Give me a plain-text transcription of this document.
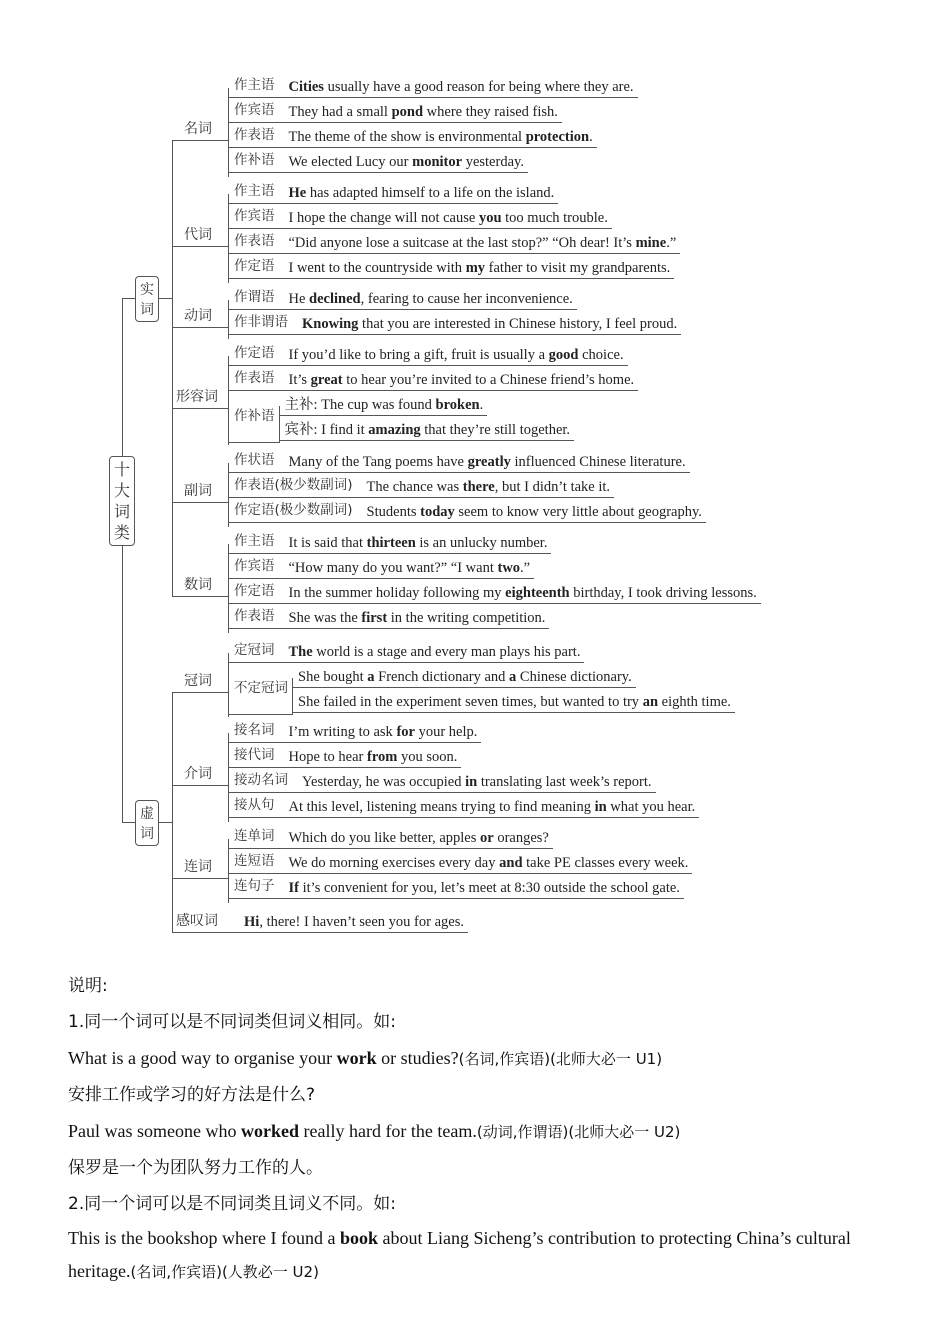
名词
作主语 Cities usually have a good reason for being where they are.
作宾语 They had a small pond where they raised fish.
作表语 The theme of the show is environmental protection.
作补语 We elected Lucy our monitor yesterday.
代词
作主语 He has adapted himself to a life on the island.
作宾语 I hope the change will not cause you too much trouble.
作表语 “Did anyone lose a suitcase at the last stop?” “Oh dear! It’s mine.”
作定语 I went to the countryside with my father to visit my grandparents.
动词
作谓语 He declined, fearing to cause her inconvenience.
作非谓语 Knowing that you are interested in Chinese history, I feel proud.
形容词
作定语 If you’d like to bring a gift, fruit is usually a good choice.
作表语 It’s great to hear you’re invited to a Chinese friend’s home.
作补语
主补: The cup was found broken.
宾补: I find it amazing that they’re still together.
副词
作状语 Many of the Tang poems have greatly influenced Chinese literature.
作表语(极少数副词) The chance was there, but I didn’t take it.
作定语(极少数副词) Students today seem to know very little about geography.
数词
作主语 It is said that thirteen is an unlucky number.
作宾语 “How many do you want?” “I want two.”
作定语 In the summer holiday following my eighteenth birthday, I took driving lessons.
作表语 She was the first in the writing competition.
冠词
定冠词 The world is a stage and every man plays his part.
不定冠词
She bought a French dictionary and a Chinese dictionary.
She failed in the experiment seven times, but wanted to try an eighth time.
介词
接名词 I’m writing to ask for your help.
接代词 Hope to hear from you soon.
接动名词 Yesterday, he was occupied in translating last week’s report.
接从句 At this level, listening means trying to find meaning in what you hear.
连词
连单词 Which do you like better, apples or oranges?
连短语 We do morning exercises every day and take PE classes every week.
连句子 If it’s convenient for you, let’s meet at 8:30 outside the school gate.
感叹词 Hi, there! I haven’t seen you for ages.
实
词
虚
词
十
大
词
类

说明:

1.同一个词可以是不同词类但词义相同。如:

What is a good way to organise your work or studies?(名词,作宾语)(北师大必一 U1)

安排工作或学习的好方法是什么?

Paul was someone who worked really hard for the team.(动词,作谓语)(北师大必一 U2)

保罗是一个为团队努力工作的人。

2.同一个词可以是不同词类且词义不同。如:

This is the bookshop where I found a book about Liang Sicheng’s contribution to protecting China’s cultural heritage.(名词,作宾语)(人教必一 U2)
